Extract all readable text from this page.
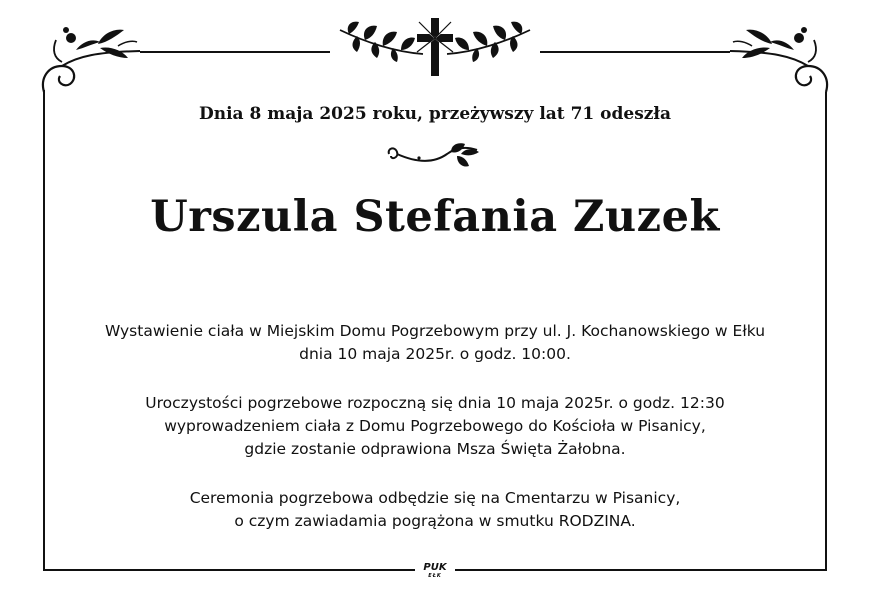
Dnia 8 maja 2025 roku, przeżywszy lat 71 odeszła
Urszula Stefania Zuzek
Wystawienie ciała w Miejskim Domu Pogrzebowym przy ul. J. Kochanowskiego w Ełku
dnia 10 maja 2025r. o godz. 10:00.
Uroczystości pogrzebowe rozpoczną się dnia 10 maja 2025r. o godz. 12:30
wyprowadzeniem ciała z Domu Pogrzebowego do Kościoła w Pisanicy,
gdzie zostanie odprawiona Msza Święta Żałobna.
Ceremonia pogrzebowa odbędzie się na Cmentarzu w Pisanicy,
o czym zawiadamia pogrążona w smutku RODZINA.
PUK
EŁK
